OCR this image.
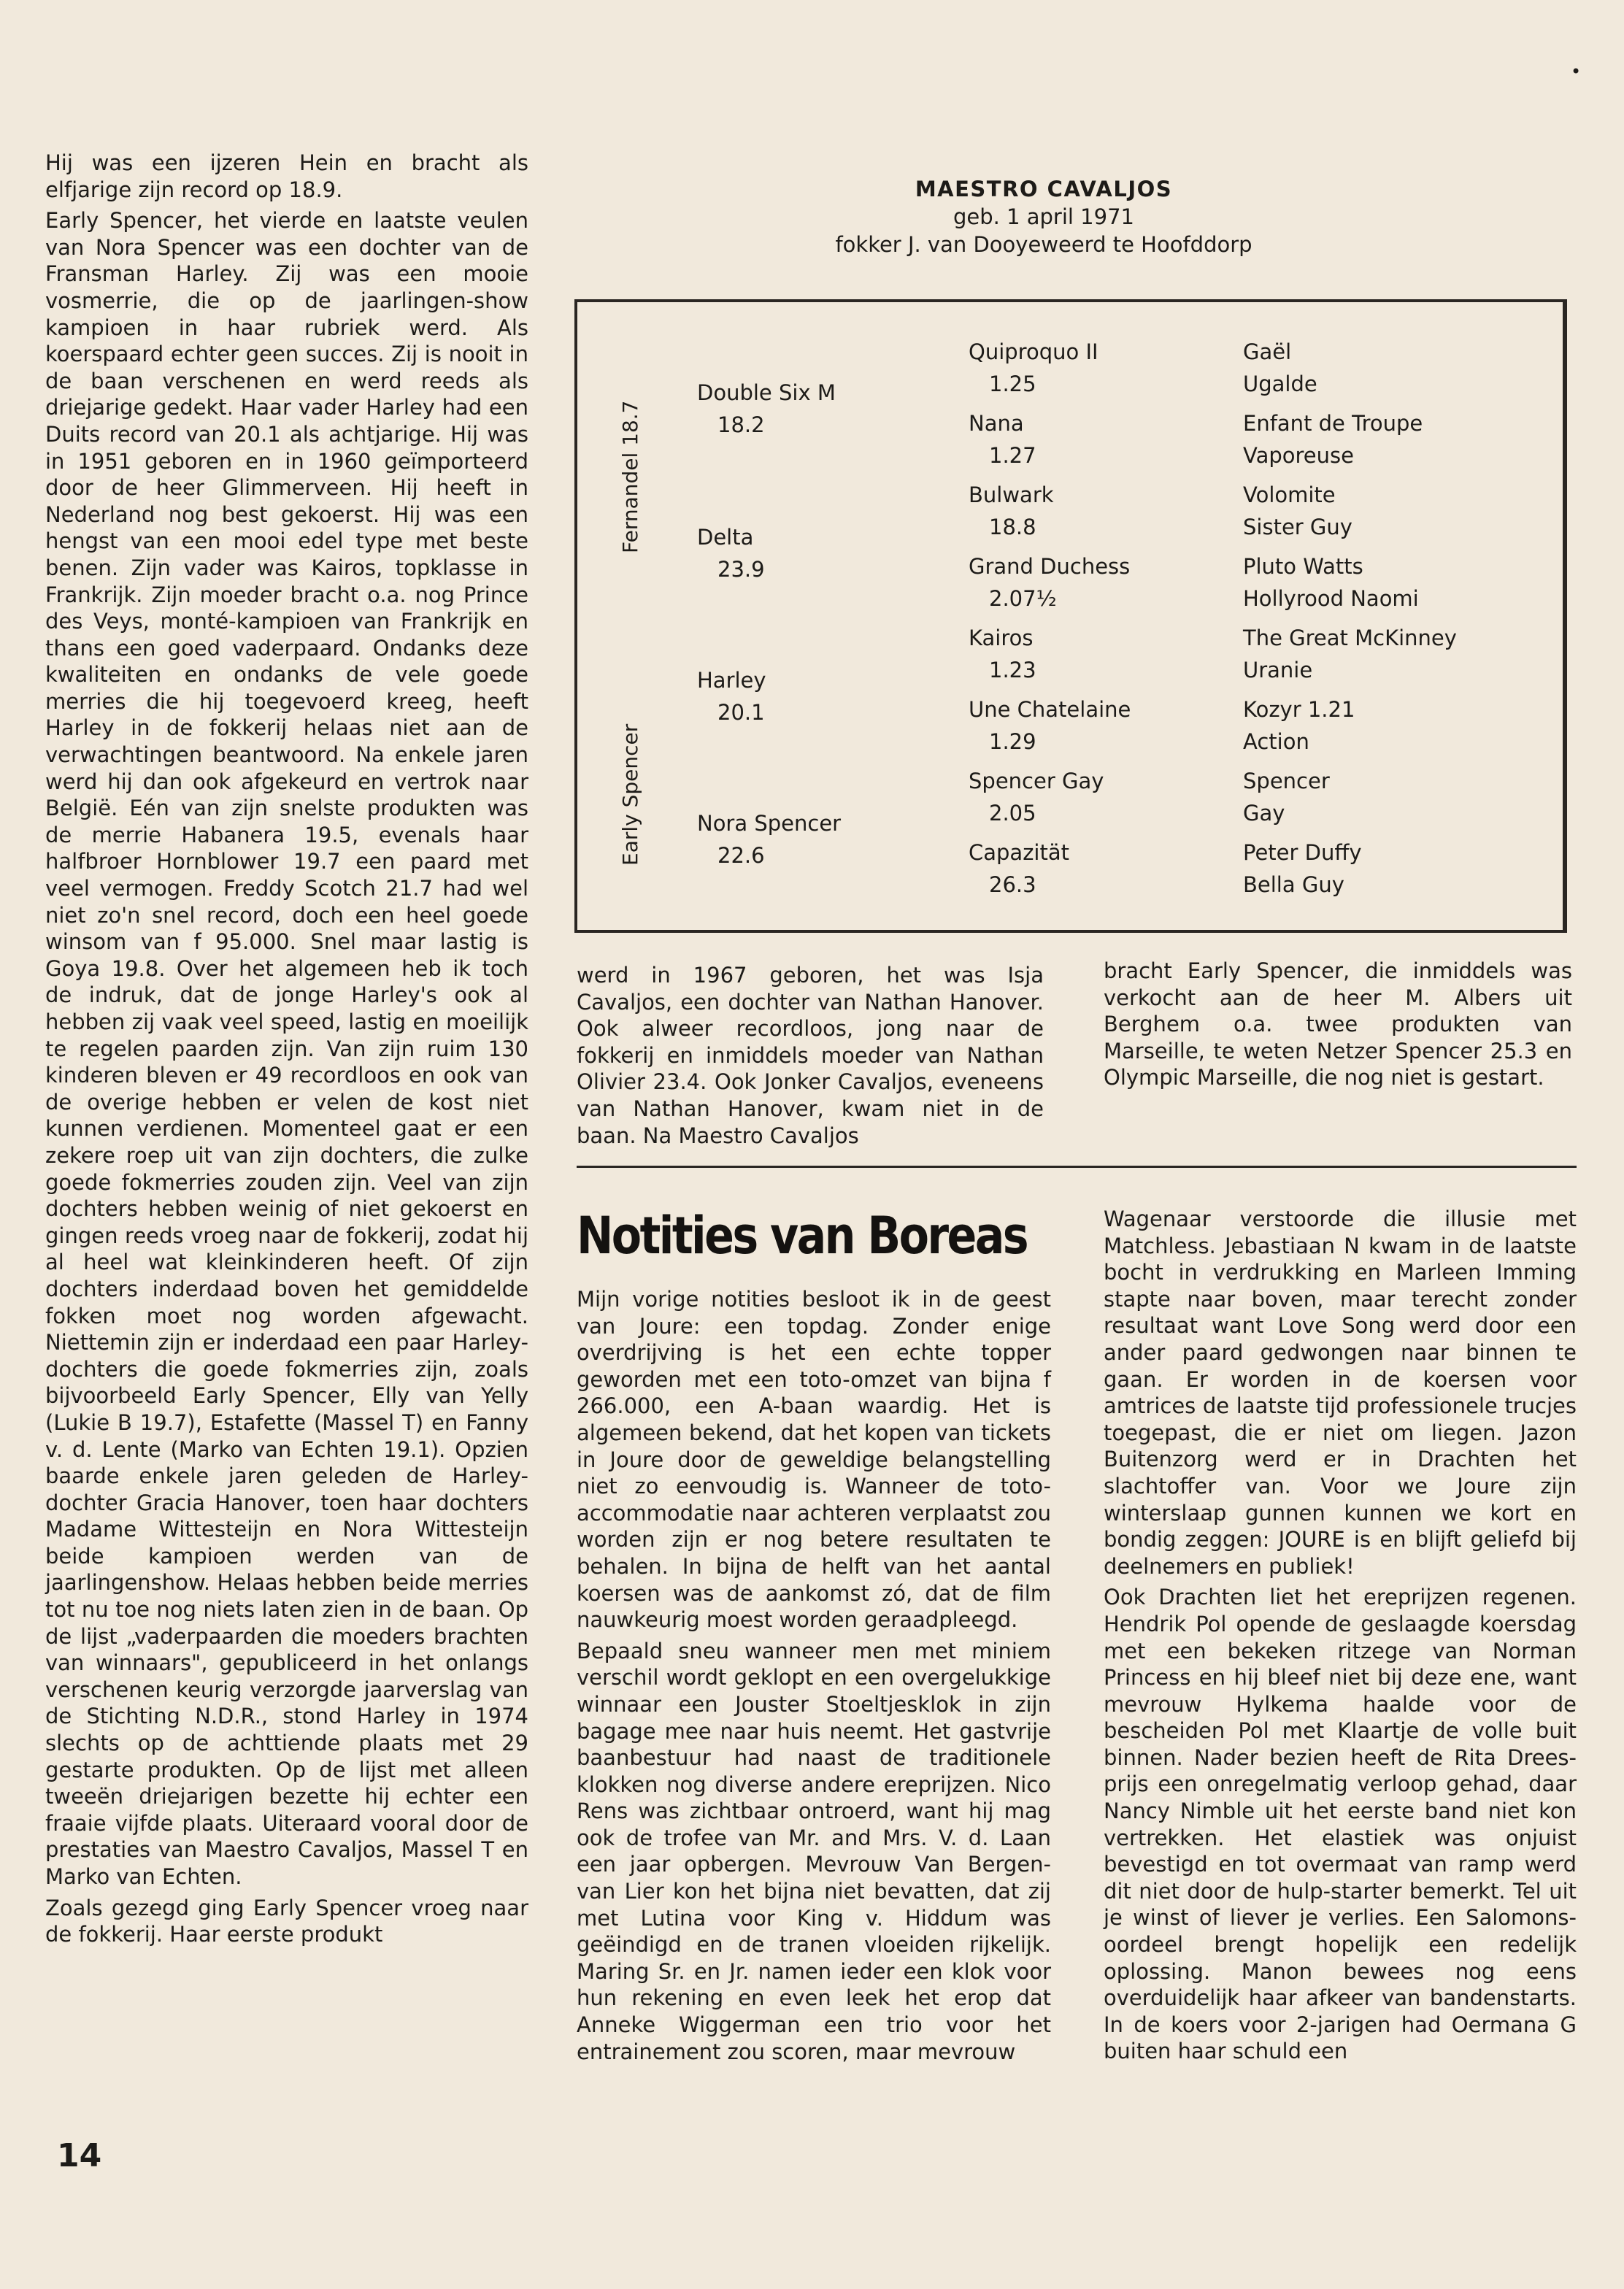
•

Hij was een ijzeren Hein en bracht als elfjarige zijn record op 18.9.

Early Spencer, het vierde en laatste veulen van Nora Spencer was een dochter van de Fransman Harley. Zij was een mooie vosmerrie, die op de jaarlingen-show kampioen in haar rubriek werd. Als koerspaard echter geen succes. Zij is nooit in de baan verschenen en werd reeds als driejarige gedekt. Haar vader Harley had een Duits record van 20.1 als achtjarige. Hij was in 1951 geboren en in 1960 geïmporteerd door de heer Glimmerveen. Hij heeft in Nederland nog best gekoerst. Hij was een hengst van een mooi edel type met beste benen. Zijn vader was Kairos, topklasse in Frankrijk. Zijn moeder bracht o.a. nog Prince des Veys, monté-kampioen van Frankrijk en thans een goed vaderpaard. Ondanks deze kwaliteiten en ondanks de vele goede merries die hij toegevoerd kreeg, heeft Harley in de fokkerij helaas niet aan de verwachtingen beantwoord. Na enkele jaren werd hij dan ook afgekeurd en vertrok naar België. Eén van zijn snelste produkten was de merrie Habanera 19.5, evenals haar halfbroer Hornblower 19.7 een paard met veel vermogen. Freddy Scotch 21.7 had wel niet zo'n snel record, doch een heel goede winsom van f 95.000. Snel maar lastig is Goya 19.8. Over het algemeen heb ik toch de indruk, dat de jonge Harley's ook al hebben zij vaak veel speed, lastig en moeilijk te regelen paarden zijn. Van zijn ruim 130 kinderen bleven er 49 recordloos en ook van de overige hebben er velen de kost niet kunnen verdienen. Momenteel gaat er een zekere roep uit van zijn dochters, die zulke goede fokmerries zouden zijn. Veel van zijn dochters hebben weinig of niet gekoerst en gingen reeds vroeg naar de fokkerij, zodat hij al heel wat kleinkinderen heeft. Of zijn dochters inderdaad boven het gemiddelde fokken moet nog worden afgewacht. Niettemin zijn er inderdaad een paar Harley-dochters die goede fokmerries zijn, zoals bijvoorbeeld Early Spencer, Elly van Yelly (Lukie B 19.7), Estafette (Massel T) en Fanny v. d. Lente (Marko van Echten 19.1). Opzien baarde enkele jaren geleden de Harley-dochter Gracia Hanover, toen haar dochters Madame Wittesteijn en Nora Wittesteijn beide kampioen werden van de jaarlingenshow. Helaas hebben beide merries tot nu toe nog niets laten zien in de baan. Op de lijst „vaderpaarden die moeders brachten van winnaars", gepubliceerd in het onlangs verschenen keurig verzorgde jaarverslag van de Stichting N.D.R., stond Harley in 1974 slechts op de achttiende plaats met 29 gestarte produkten. Op de lijst met alleen tweeën driejarigen bezette hij echter een fraaie vijfde plaats. Uiteraard vooral door de prestaties van Maestro Cavaljos, Massel T en Marko van Echten.

Zoals gezegd ging Early Spencer vroeg naar de fokkerij. Haar eerste produkt

MAESTRO CAVALJOS
geb. 1 april 1971
fokker J. van Dooyeweerd te Hoofddorp
Fernandel 18.7
Early Spencer
Double Six M
18.2
Delta
23.9
Harley
20.1
Nora Spencer
22.6
Quiproquo II
1.25
Nana
1.27
Bulwark
18.8
Grand Duchess
2.07½
Kairos
1.23
Une Chatelaine
1.29
Spencer Gay
2.05
Capazität
26.3
Gaël
Ugalde
Enfant de Troupe
Vaporeuse
Volomite
Sister Guy
Pluto Watts
Hollyrood Naomi
The Great McKinney
Uranie
Kozyr 1.21
Action
Spencer
Gay
Peter Duffy
Bella Guy

werd in 1967 geboren, het was Isja Cavaljos, een dochter van Nathan Hanover. Ook alweer recordloos, jong naar de fokkerij en inmiddels moeder van Nathan Olivier 23.4. Ook Jonker Cavaljos, eveneens van Nathan Hanover, kwam niet in de baan. Na Maestro Cavaljos

bracht Early Spencer, die inmiddels was verkocht aan de heer M. Albers uit Berghem o.a. twee produkten van Marseille, te weten Netzer Spencer 25.3 en Olympic Marseille, die nog niet is gestart.

Notities van Boreas

Mijn vorige notities besloot ik in de geest van Joure: een topdag. Zonder enige overdrijving is het een echte topper geworden met een toto-omzet van bijna f 266.000, een A-baan waardig. Het is algemeen bekend, dat het kopen van tickets in Joure door de geweldige belangstelling niet zo eenvoudig is. Wanneer de toto-accommodatie naar achteren verplaatst zou worden zijn er nog betere resultaten te behalen. In bijna de helft van het aantal koersen was de aankomst zó, dat de film nauwkeurig moest worden geraadpleegd.

Bepaald sneu wanneer men met miniem verschil wordt geklopt en een overgelukkige winnaar een Jouster Stoeltjesklok in zijn bagage mee naar huis neemt. Het gastvrije baanbestuur had naast de traditionele klokken nog diverse andere ereprijzen. Nico Rens was zichtbaar ontroerd, want hij mag ook de trofee van Mr. and Mrs. V. d. Laan een jaar opbergen. Mevrouw Van Bergen-van Lier kon het bijna niet bevatten, dat zij met Lutina voor King v. Hiddum was geëindigd en de tranen vloeiden rijkelijk. Maring Sr. en Jr. namen ieder een klok voor hun rekening en even leek het erop dat Anneke Wiggerman een trio voor het entrainement zou scoren, maar mevrouw

Wagenaar verstoorde die illusie met Matchless. Jebastiaan N kwam in de laatste bocht in verdrukking en Marleen Imming stapte naar boven, maar terecht zonder resultaat want Love Song werd door een ander paard gedwongen naar binnen te gaan. Er worden in de koersen voor amtrices de laatste tijd professionele trucjes toegepast, die er niet om liegen. Jazon Buitenzorg werd er in Drachten het slachtoffer van. Voor we Joure zijn winterslaap gunnen kunnen we kort en bondig zeggen: JOURE is en blijft geliefd bij deelnemers en publiek!

Ook Drachten liet het ereprijzen regenen. Hendrik Pol opende de geslaagde koersdag met een bekeken ritzege van Norman Princess en hij bleef niet bij deze ene, want mevrouw Hylkema haalde voor de bescheiden Pol met Klaartje de volle buit binnen. Nader bezien heeft de Rita Drees-prijs een onregelmatig verloop gehad, daar Nancy Nimble uit het eerste band niet kon vertrekken. Het elastiek was onjuist bevestigd en tot overmaat van ramp werd dit niet door de hulp-starter bemerkt. Tel uit je winst of liever je verlies. Een Salomons-oordeel brengt hopelijk een redelijk oplossing. Manon bewees nog eens overduidelijk haar afkeer van bandenstarts. In de koers voor 2-jarigen had Oermana G buiten haar schuld een

14
